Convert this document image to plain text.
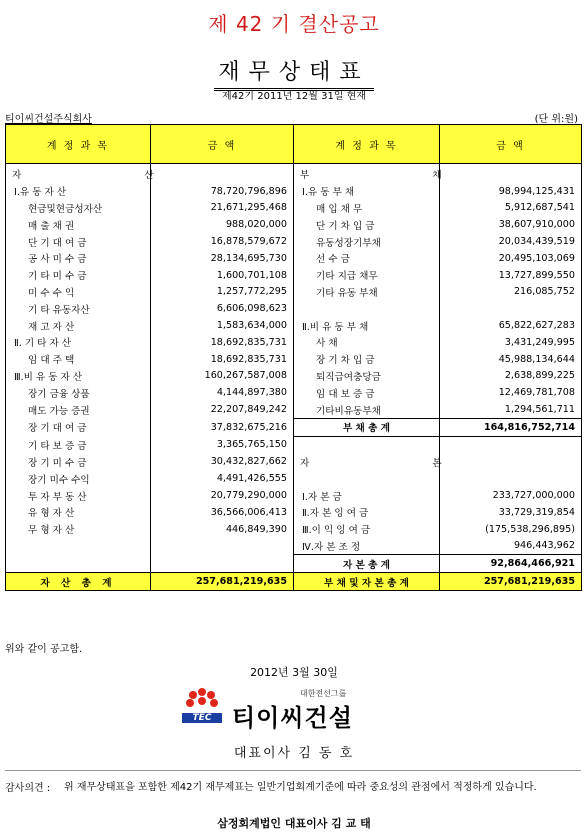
제 42 기 결산공고
재무상태표
제42기 2011년 12월 31일 현재
티이씨건설주식회사	(단 위:원)
계 정 과 목	금 액	계 정 과 목	금 액
자 산		부 채	
Ⅰ.유 동 자 산	78,720,796,896	Ⅰ.유 동 부 채	98,994,125,431
현금및현금성자산	21,671,295,468	매 입 채 무	5,912,687,541
매 출 채 권	988,020,000	단 기 차 입 금	38,607,910,000
단 기 대 여 금	16,878,579,672	유동성장기부채	20,034,439,519
공 사 미 수 금	28,134,695,730	선 수 금	20,495,103,069
기 타 미 수 금	1,600,701,108	기타 지급 채무	13,727,899,550
미 수 수 익	1,257,772,295	기타 유동 부채	216,085,752
기 타 유동자산	6,606,098,623		
재 고 자 산	1,583,634,000	Ⅱ.비 유 동 부 채	65,822,627,283
Ⅱ. 기 타 자 산	18,692,835,731	사 채	3,431,249,995
임 대 주 택	18,692,835,731	장 기 차 입 금	45,988,134,644
Ⅲ.비 유 동 자 산	160,267,587,008	퇴직급여충당금	2,638,899,225
장기 금융 상품	4,144,897,380	임 대 보 증 금	12,469,781,708
매도 가능 증권	22,207,849,242	기타비유동부채	1,294,561,711
장 기 대 여 금	37,832,675,216	부 채 총 계	164,816,752,714
기 타 보 증 금	3,365,765,150		
장 기 미 수 금	30,432,827,662	자 본	
장기 미수 수익	4,491,426,555		
투 자 부 동 산	20,779,290,000	Ⅰ.자 본 금	233,727,000,000
유 형 자 산	36,566,006,413	Ⅱ.자 본 잉 여 금	33,729,319,854
무 형 자 산	446,849,390	Ⅲ.이 익 잉 여 금	(175,538,296,895)
		Ⅳ.자 본 조 정	946,443,962
		자 본 총 계	92,864,466,921
자 산 총 계	257,681,219,635	부 채 및 자 본 총 계	257,681,219,635
위와 같이 공고함.
2012년 3월 30일
TEC
대한전선그룹
티이씨건설
대표이사 김 동 호
감사의견 : 위 재무상태표을 포함한 제42기 재무제표는 일반기업회계기준에 따라 중요성의 관점에서 적정하게 있습니다.
삼정회계법인 대표이사 김 교 태
